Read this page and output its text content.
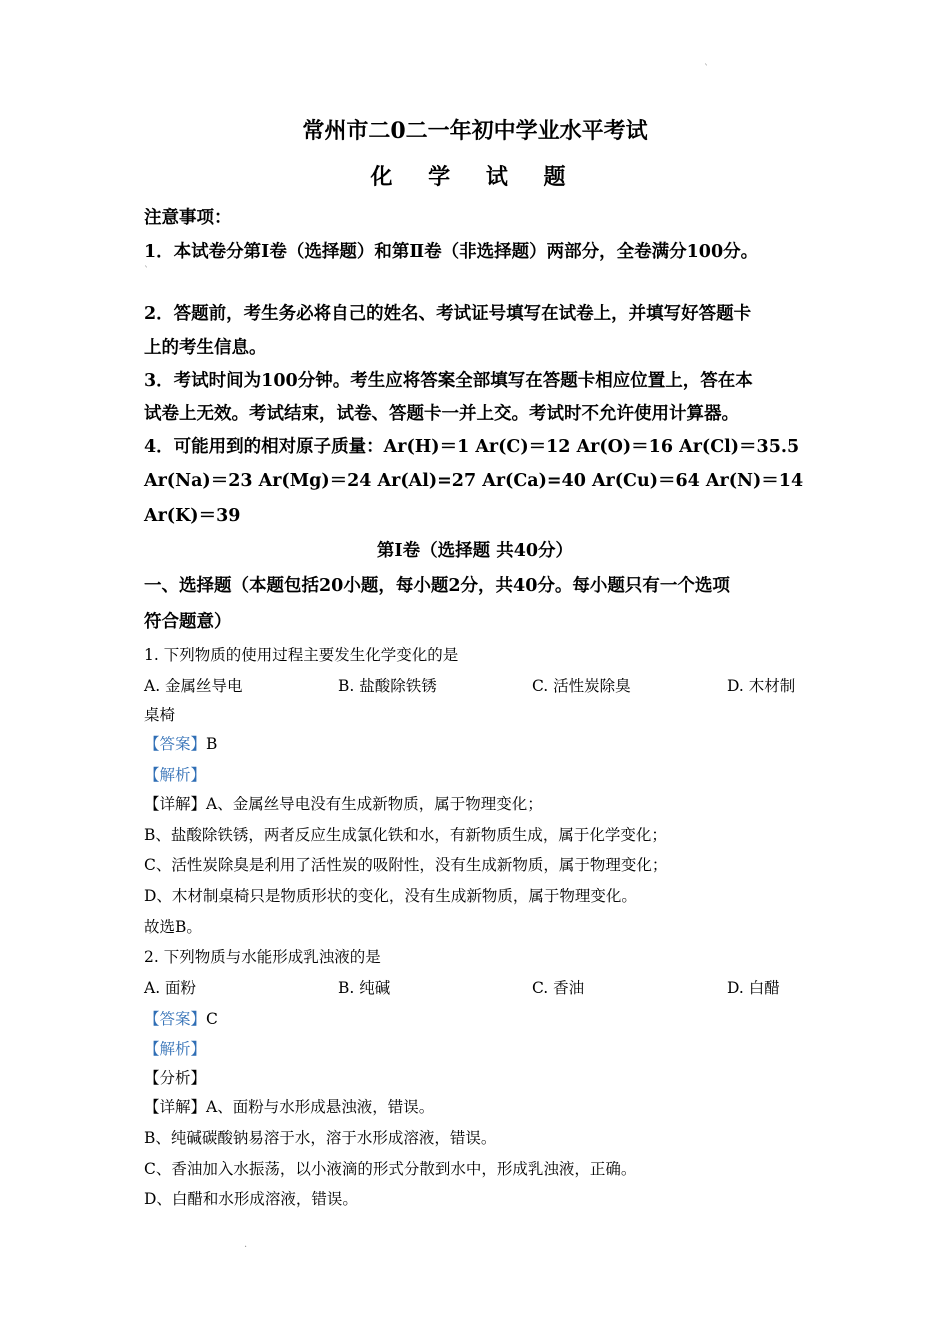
`
常州市二0二一年初中学业水平考试
化 学 试 题
注意事项：
1．本试卷分第Ⅰ卷（选择题）和第Ⅱ卷（非选择题）两部分，全卷满分100分。
`
2．答题前，考生务必将自己的姓名、考试证号填写在试卷上，并填写好答题卡
上的考生信息。
3．考试时间为100分钟。考生应将答案全部填写在答题卡相应位置上，答在本
试卷上无效。考试结束，试卷、答题卡一并上交。考试时不允许使用计算器。
4．可能用到的相对原子质量：Ar(H)＝1 Ar(C)＝12 Ar(O)＝16 Ar(Cl)＝35.5
Ar(Na)＝23 Ar(Mg)＝24 Ar(Al)=27 Ar(Ca)=40 Ar(Cu)＝64 Ar(N)＝14
Ar(K)＝39
第Ⅰ卷（选择题 共40分）
一、选择题（本题包括20小题，每小题2分，共40分。每小题只有一个选项
符合题意）
1. 下列物质的使用过程主要发生化学变化的是
A. 金属丝导电	B. 盐酸除铁锈	C. 活性炭除臭	D. 木材制
桌椅
【答案】B
【解析】
【详解】A、金属丝导电没有生成新物质，属于物理变化；
B、盐酸除铁锈，两者反应生成氯化铁和水，有新物质生成，属于化学变化；
C、活性炭除臭是利用了活性炭的吸附性，没有生成新物质，属于物理变化；
D、木材制桌椅只是物质形状的变化，没有生成新物质，属于物理变化。
故选B。
2. 下列物质与水能形成乳浊液的是
A. 面粉	B. 纯碱	C. 香油	D. 白醋
【答案】C
【解析】
【分析】
【详解】A、面粉与水形成悬浊液，错误。
B、纯碱碳酸钠易溶于水，溶于水形成溶液，错误。
C、香油加入水振荡，以小液滴的形式分散到水中，形成乳浊液，正确。
D、白醋和水形成溶液，错误。
·
